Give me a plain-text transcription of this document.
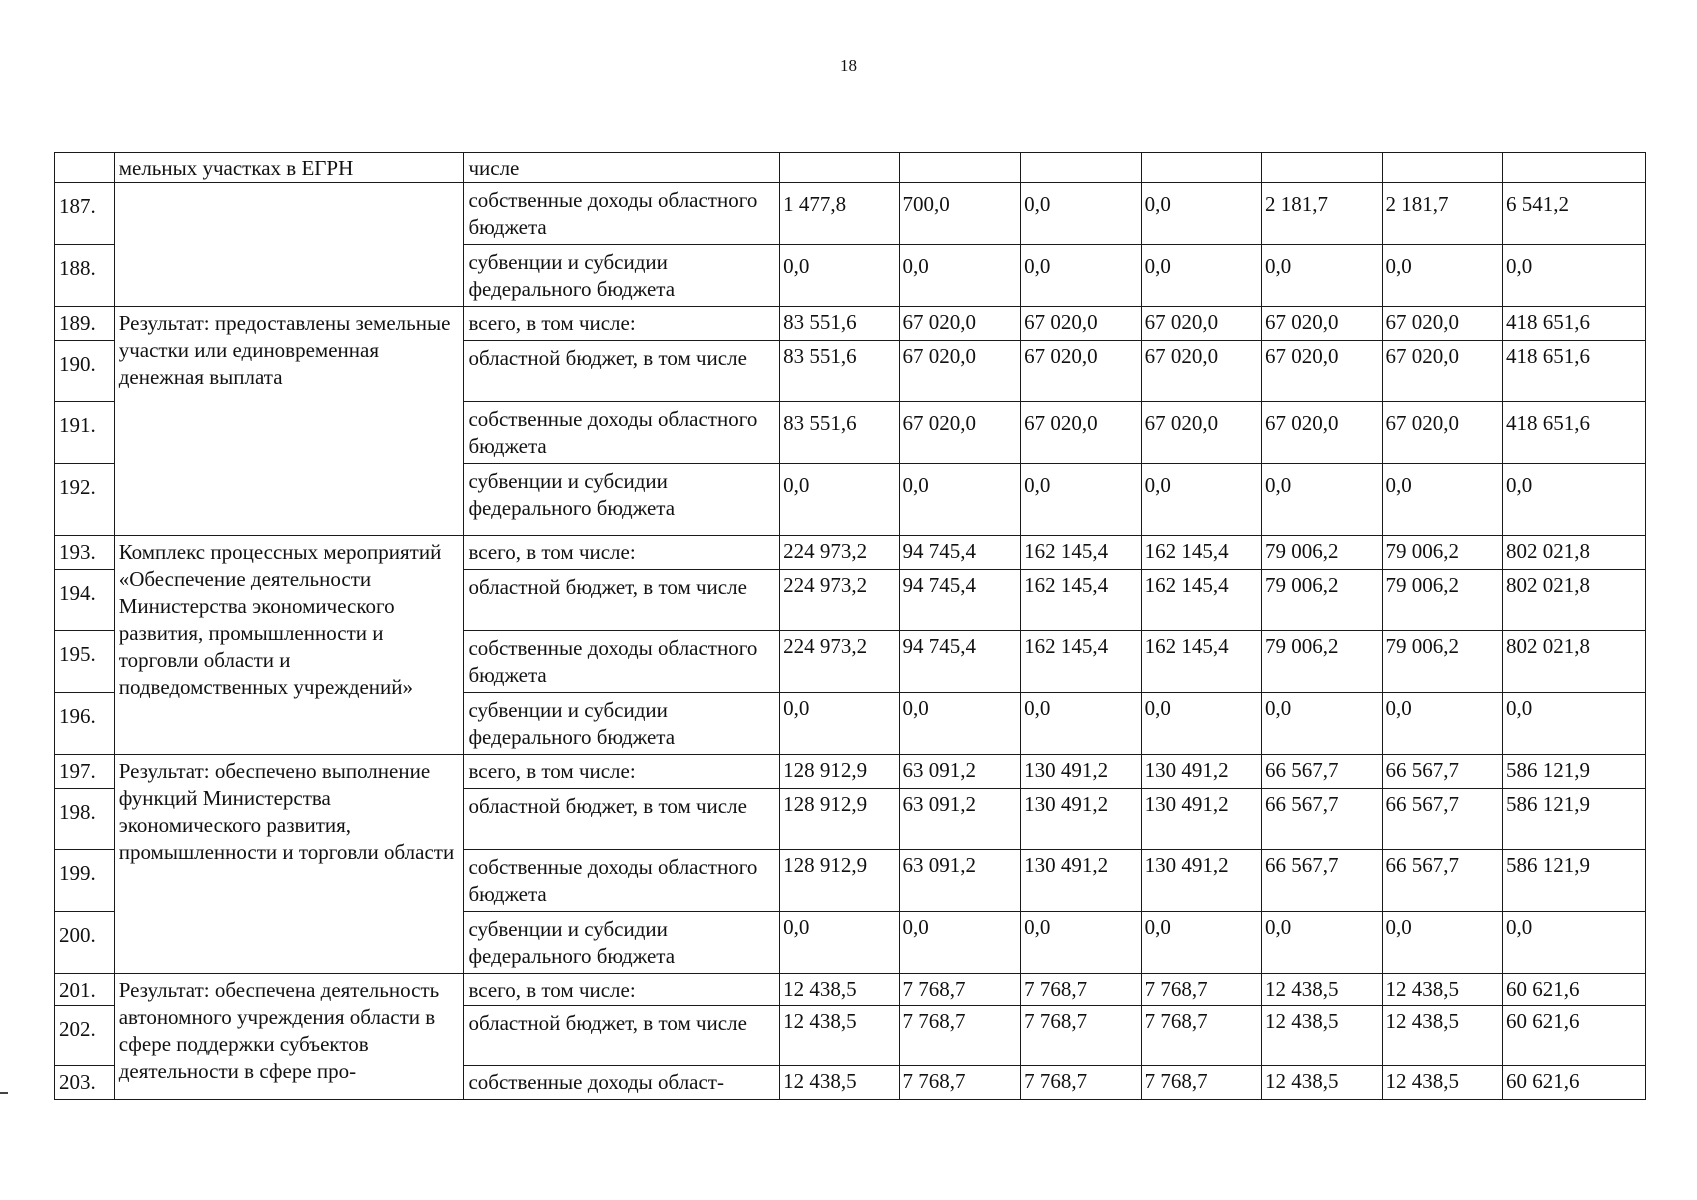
18
	мельных участках в ЕГРН	числе							
187.		собственные доходы областного бюджета	1 477,8	700,0	0,0	0,0	2 181,7	2 181,7	6 541,2
188.		субвенции и субсидии федерального бюджета	0,0	0,0	0,0	0,0	0,0	0,0	0,0
189.	Результат: предоставлены земельные участки или единовременная денежная выплата	всего, в том числе:	83 551,6	67 020,0	67 020,0	67 020,0	67 020,0	67 020,0	418 651,6
190.		областной бюджет, в том числе	83 551,6	67 020,0	67 020,0	67 020,0	67 020,0	67 020,0	418 651,6
191.		собственные доходы областного бюджета	83 551,6	67 020,0	67 020,0	67 020,0	67 020,0	67 020,0	418 651,6
192.		субвенции и субсидии федерального бюджета	0,0	0,0	0,0	0,0	0,0	0,0	0,0
193.	Комплекс процессных мероприятий «Обеспечение деятельности Министерства экономического развития, промышленности и торговли области и подведомственных учреждений»	всего, в том числе:	224 973,2	94 745,4	162 145,4	162 145,4	79 006,2	79 006,2	802 021,8
194.		областной бюджет, в том числе	224 973,2	94 745,4	162 145,4	162 145,4	79 006,2	79 006,2	802 021,8
195.		собственные доходы областного бюджета	224 973,2	94 745,4	162 145,4	162 145,4	79 006,2	79 006,2	802 021,8
196.		субвенции и субсидии федерального бюджета	0,0	0,0	0,0	0,0	0,0	0,0	0,0
197.	Результат: обеспечено выполнение функций Министерства экономического развития, промышленности и торговли области	всего, в том числе:	128 912,9	63 091,2	130 491,2	130 491,2	66 567,7	66 567,7	586 121,9
198.		областной бюджет, в том числе	128 912,9	63 091,2	130 491,2	130 491,2	66 567,7	66 567,7	586 121,9
199.		собственные доходы областного бюджета	128 912,9	63 091,2	130 491,2	130 491,2	66 567,7	66 567,7	586 121,9
200.		субвенции и субсидии федерального бюджета	0,0	0,0	0,0	0,0	0,0	0,0	0,0
201.	Результат: обеспечена деятельность автономного учреждения области в сфере поддержки субъектов деятельности в сфере про-	всего, в том числе:	12 438,5	7 768,7	7 768,7	7 768,7	12 438,5	12 438,5	60 621,6
202.		областной бюджет, в том числе	12 438,5	7 768,7	7 768,7	7 768,7	12 438,5	12 438,5	60 621,6
203.		собственные доходы област-	12 438,5	7 768,7	7 768,7	7 768,7	12 438,5	12 438,5	60 621,6
